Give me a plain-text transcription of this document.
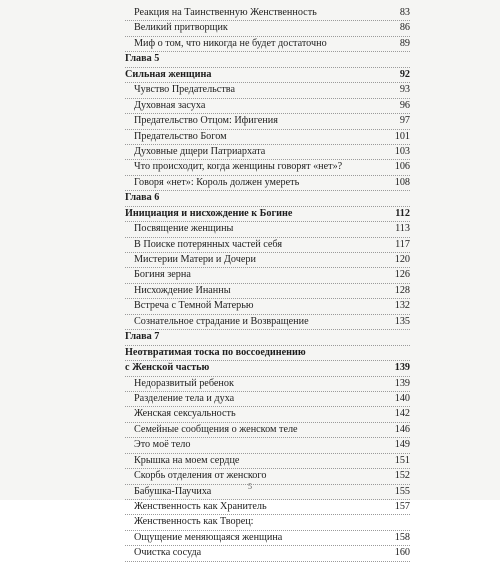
Реакция на Таинственную Женственность	83
Великий притворщик	86
Миф о том, что никогда не будет достаточно	89
Глава 5
Сильная женщина	92
Чувство Предательства	93
Духовная засуха	96
Предательство Отцом: Ифигения	97
Предательство Богом	101
Духовные дщери Патриархата	103
Что происходит, когда женщины говорят «нет»?	106
Говоря «нет»: Король должен умереть	108
Глава 6
Инициация и нисхождение к Богине	112
Посвящение женщины	113
В Поиске потерянных частей себя	117
Мистерии Матери и Дочери	120
Богиня зерна	126
Нисхождение Инанны	128
Встреча с Темной Матерью	132
Сознательное страдание и Возвращение	135
Глава 7
Неотвратимая тоска по воссоединению
с Женской частью	139
Недоразвитый ребенок	139
Разделение тела и духа	140
Женская сексуальность	142
Семейные сообщения о женском теле	146
Это моё тело	149
Крышка на моем сердце	151
Скорбь отделения от женского	152
Бабушка-Паучиха	155
Женственность как Хранитель	157
Женственность как Творец:
Ощущение меняющаяся женщина	158
Очистка сосуда	160
5
